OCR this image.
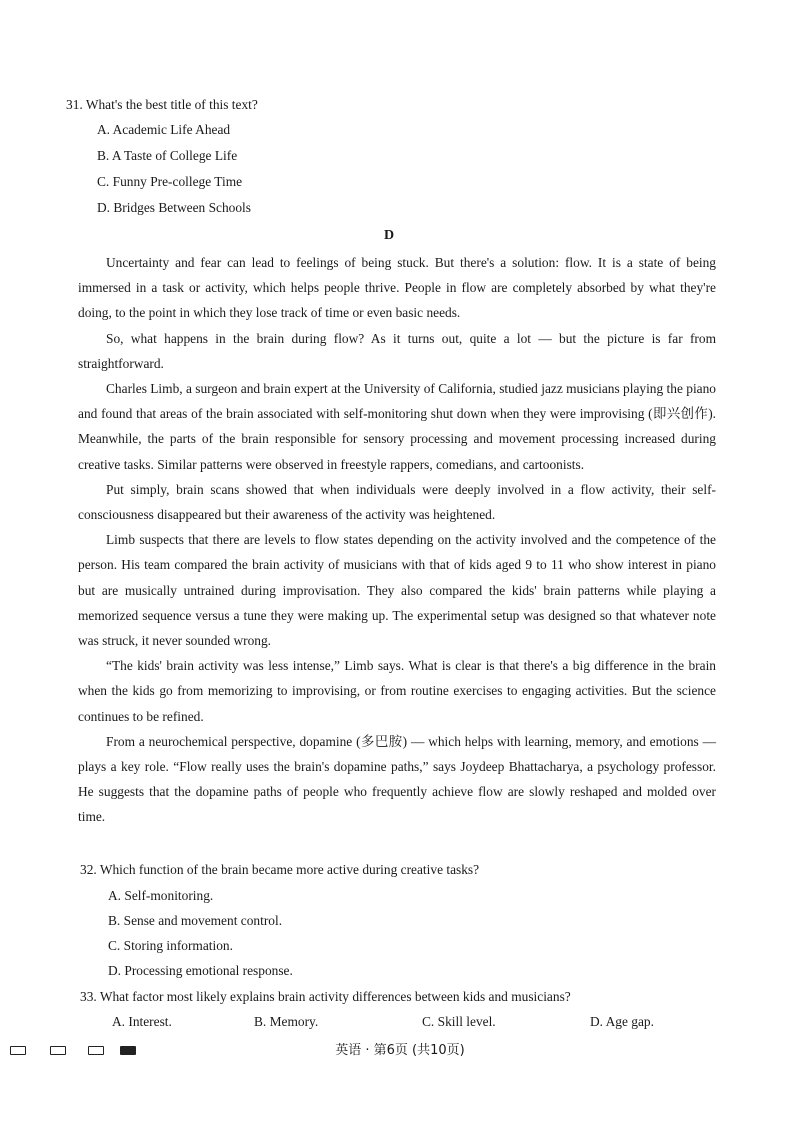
31. What's the best title of this text?
A. Academic Life Ahead
B. A Taste of College Life
C. Funny Pre-college Time
D. Bridges Between Schools
D

Uncertainty and fear can lead to feelings of being stuck. But there's a solution: flow. It is a state of being immersed in a task or activity, which helps people thrive. People in flow are completely absorbed by what they're doing, to the point in which they lose track of time or even basic needs.

So, what happens in the brain during flow? As it turns out, quite a lot — but the picture is far from straightforward.

Charles Limb, a surgeon and brain expert at the University of California, studied jazz musicians playing the piano and found that areas of the brain associated with self-monitoring shut down when they were improvising (即兴创作). Meanwhile, the parts of the brain responsible for sensory processing and movement processing increased during creative tasks. Similar patterns were observed in freestyle rappers, comedians, and cartoonists.

Put simply, brain scans showed that when individuals were deeply involved in a flow activity, their self-consciousness disappeared but their awareness of the activity was heightened.

Limb suspects that there are levels to flow states depending on the activity involved and the competence of the person. His team compared the brain activity of musicians with that of kids aged 9 to 11 who show interest in piano but are musically untrained during improvisation. They also compared the kids' brain patterns while playing a memorized sequence versus a tune they were making up. The experimental setup was designed so that whatever note was struck, it never sounded wrong.

“The kids' brain activity was less intense,” Limb says. What is clear is that there's a big difference in the brain when the kids go from memorizing to improvising, or from routine exercises to engaging activities. But the science continues to be refined.

From a neurochemical perspective, dopamine (多巴胺) — which helps with learning, memory, and emotions — plays a key role. “Flow really uses the brain's dopamine paths,” says Joydeep Bhattacharya, a psychology professor. He suggests that the dopamine paths of people who frequently achieve flow are slowly reshaped and molded over time.

32. Which function of the brain became more active during creative tasks?
A. Self-monitoring.
B. Sense and movement control.
C. Storing information.
D. Processing emotional response.
33. What factor most likely explains brain activity differences between kids and musicians?
A. Interest.	B. Memory.	C. Skill level.	D. Age gap.
英语 · 第6页 (共10页)
